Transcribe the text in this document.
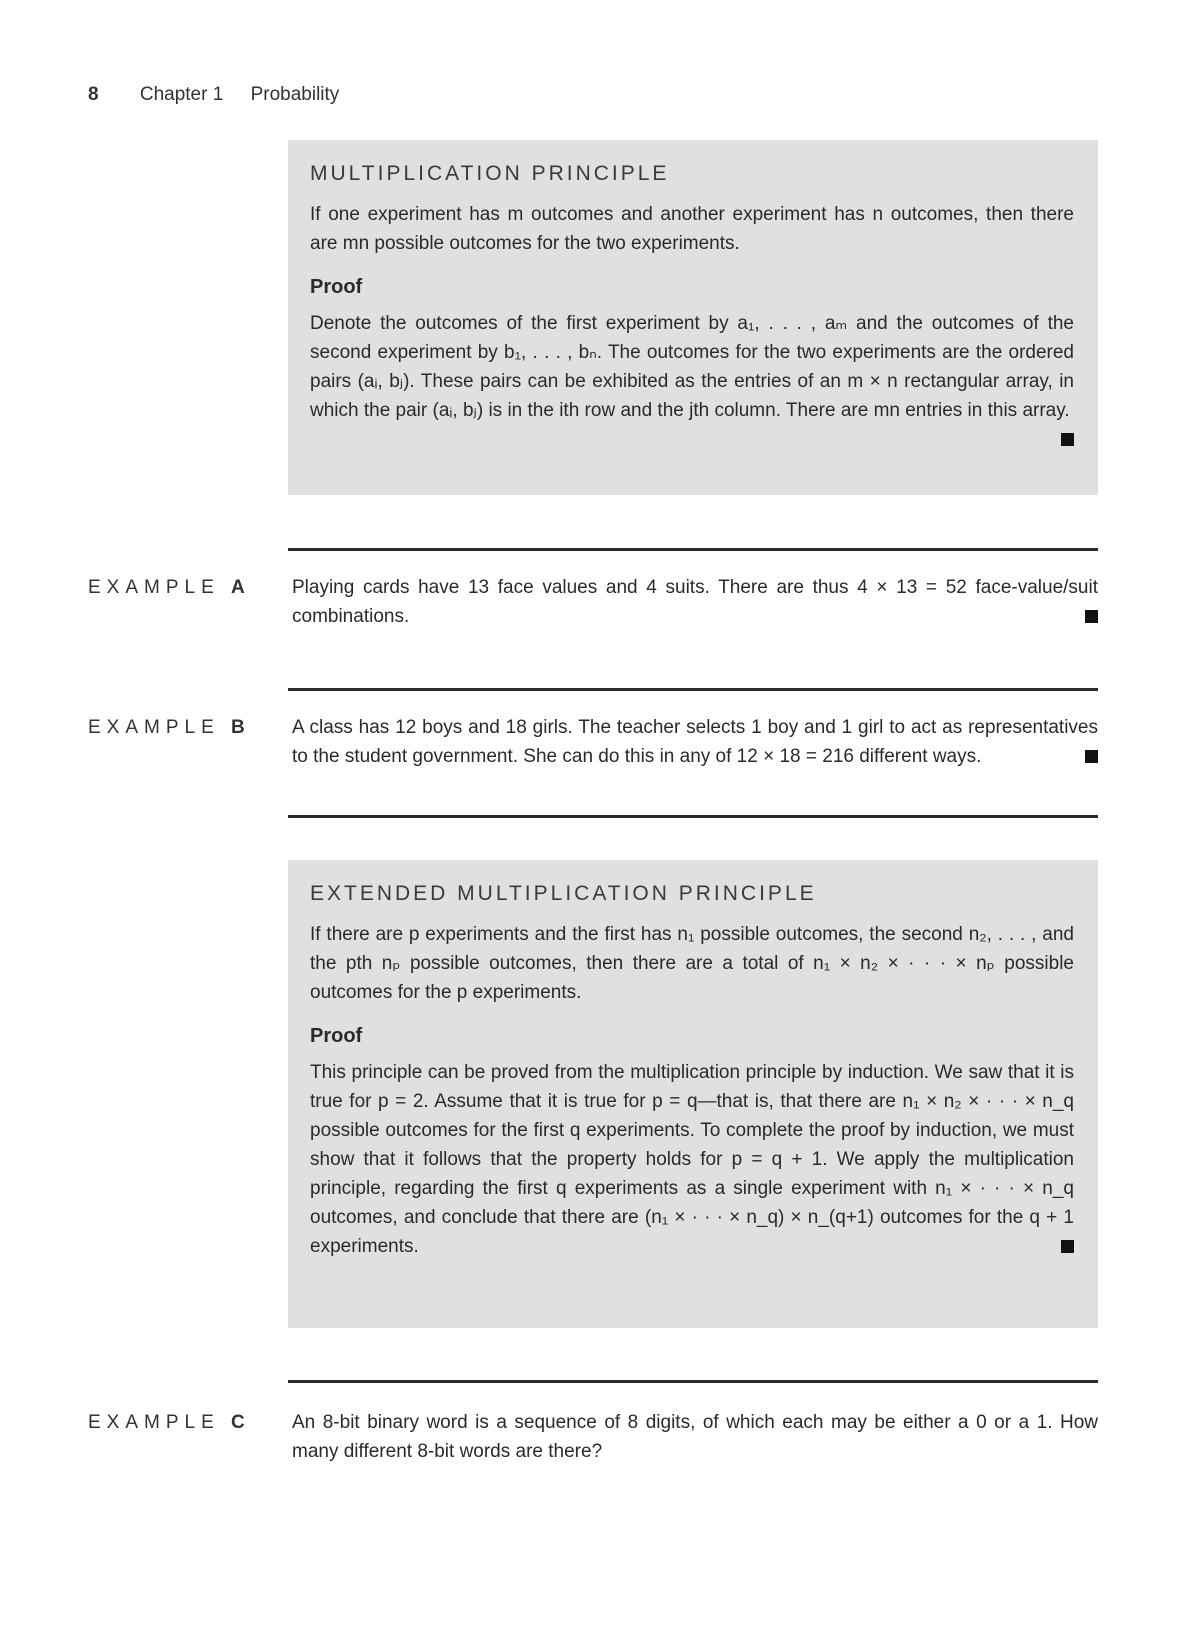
8 Chapter 1 Probability
MULTIPLICATION PRINCIPLE

If one experiment has m outcomes and another experiment has n outcomes, then there are mn possible outcomes for the two experiments.

Proof

Denote the outcomes of the first experiment by a₁, . . . , aₘ and the outcomes of the second experiment by b₁, . . . , bₙ. The outcomes for the two experiments are the ordered pairs (aᵢ, bⱼ). These pairs can be exhibited as the entries of an m × n rectangular array, in which the pair (aᵢ, bⱼ) is in the ith row and the jth column. There are mn entries in this array.

EXAMPLE A Playing cards have 13 face values and 4 suits. There are thus 4 × 13 = 52 face-value/suit combinations.

EXAMPLE B A class has 12 boys and 18 girls. The teacher selects 1 boy and 1 girl to act as representatives to the student government. She can do this in any of 12 × 18 = 216 different ways.

EXTENDED MULTIPLICATION PRINCIPLE

If there are p experiments and the first has n₁ possible outcomes, the second n₂, . . . , and the pth nₚ possible outcomes, then there are a total of n₁ × n₂ × · · · × nₚ possible outcomes for the p experiments.

Proof

This principle can be proved from the multiplication principle by induction. We saw that it is true for p = 2. Assume that it is true for p = q—that is, that there are n₁ × n₂ × · · · × n_q possible outcomes for the first q experiments. To complete the proof by induction, we must show that it follows that the property holds for p = q + 1. We apply the multiplication principle, regarding the first q experiments as a single experiment with n₁ × · · · × n_q outcomes, and conclude that there are (n₁ × · · · × n_q) × n_(q+1) outcomes for the q + 1 experiments.

EXAMPLE C An 8-bit binary word is a sequence of 8 digits, of which each may be either a 0 or a 1. How many different 8-bit words are there?
